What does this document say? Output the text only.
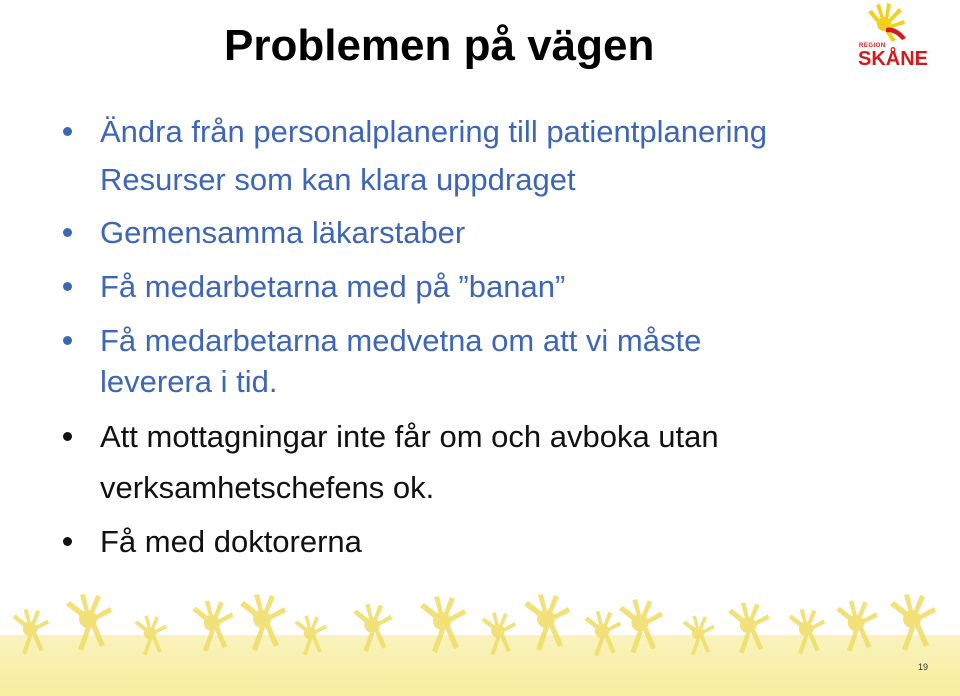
Problemen på vägen	REGION
SKÅNE
Ändra från personalplanering till patientplanering
Resurser som kan klara uppdraget
Gemensamma läkarstaber
Få medarbetarna med på ”banan”
Få medarbetarna medvetna om att vi måste
leverera i tid.
Att mottagningar inte får om och avboka utan
verksamhetschefens ok.
Få med doktorerna
19
